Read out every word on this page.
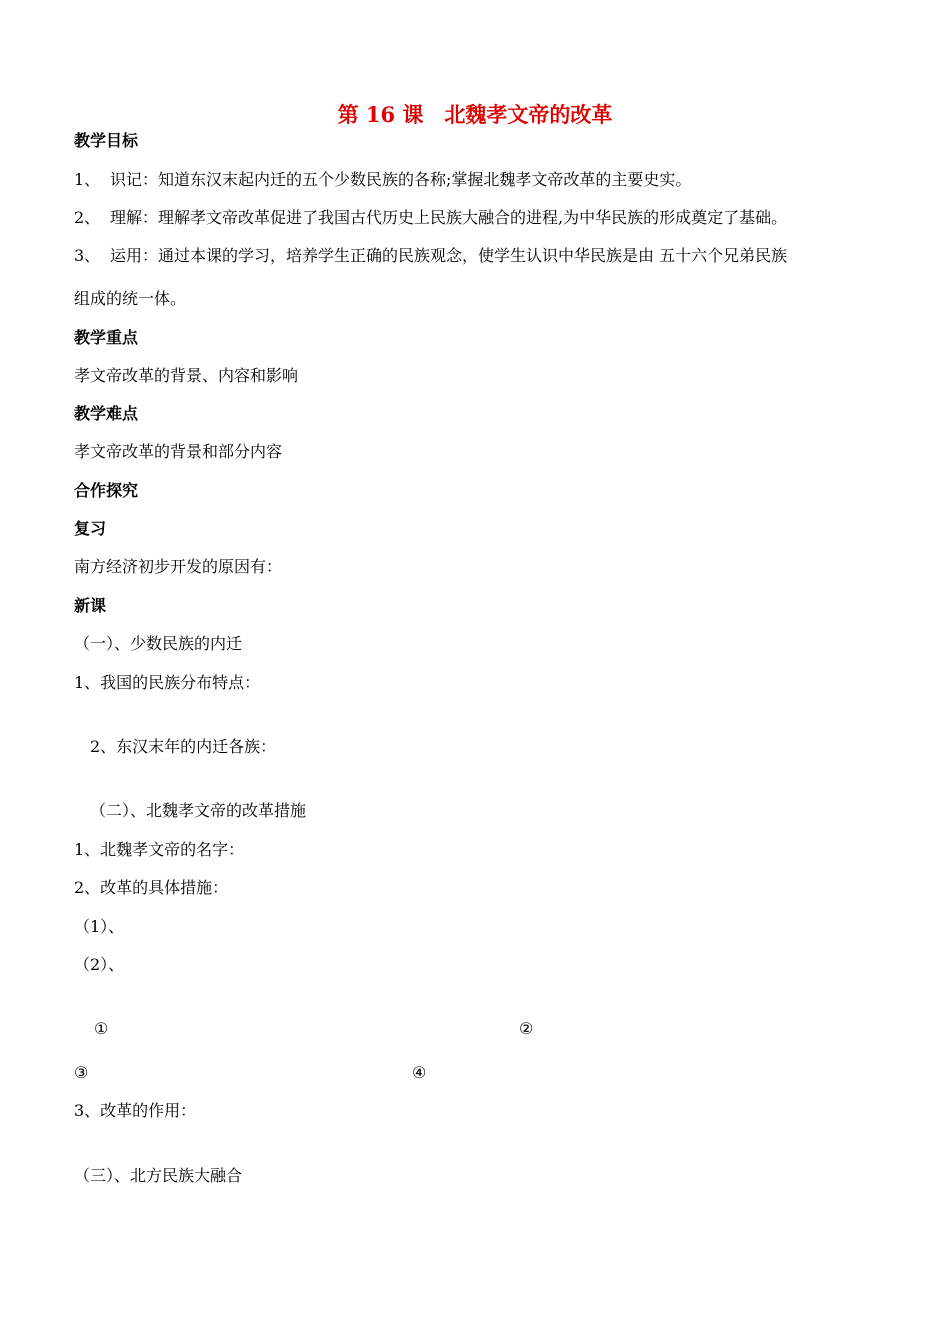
第 16 课　北魏孝文帝的改革
教学目标
1、 识记：知道东汉末起内迁的五个少数民族的各称;掌握北魏孝文帝改革的主要史实。
2、 理解：理解孝文帝改革促进了我国古代历史上民族大融合的进程,为中华民族的形成奠定了基础。
3、 运用：通过本课的学习，培养学生正确的民族观念，使学生认识中华民族是由 五十六个兄弟民族
组成的统一体。
教学重点
孝文帝改革的背景、内容和影响
教学难点
孝文帝改革的背景和部分内容
合作探究
复习
南方经济初步开发的原因有：
新课
（一）、少数民族的内迁
1、我国的民族分布特点：
2、东汉末年的内迁各族：
（二）、北魏孝文帝的改革措施
1、北魏孝文帝的名字：
2、改革的具体措施：
（1）、
（2）、
①	②
③	④
3、改革的作用：
（三）、北方民族大融合
